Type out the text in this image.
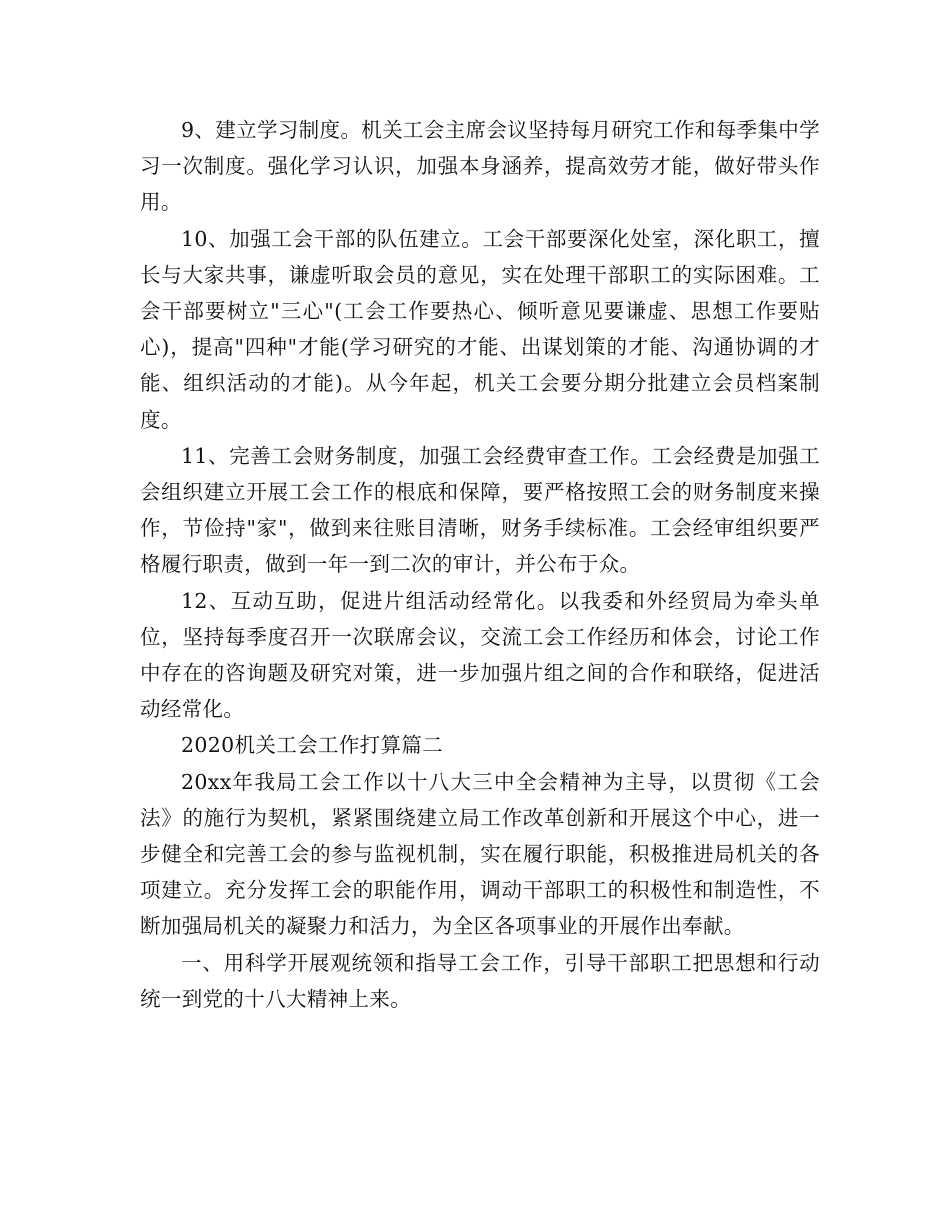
9、建立学习制度。机关工会主席会议坚持每月研究工作和每季集中学习一次制度。强化学习认识，加强本身涵养，提高效劳才能，做好带头作用。

10、加强工会干部的队伍建立。工会干部要深化处室，深化职工，擅长与大家共事，谦虚听取会员的意见，实在处理干部职工的实际困难。工会干部要树立"三心"(工会工作要热心、倾听意见要谦虚、思想工作要贴心)，提高"四种"才能(学习研究的才能、出谋划策的才能、沟通协调的才能、组织活动的才能)。从今年起，机关工会要分期分批建立会员档案制度。

11、完善工会财务制度，加强工会经费审查工作。工会经费是加强工会组织建立开展工会工作的根底和保障，要严格按照工会的财务制度来操作，节俭持"家"，做到来往账目清晰，财务手续标准。工会经审组织要严格履行职责，做到一年一到二次的审计，并公布于众。

12、互动互助，促进片组活动经常化。以我委和外经贸局为牵头单位，坚持每季度召开一次联席会议，交流工会工作经历和体会，讨论工作中存在的咨询题及研究对策，进一步加强片组之间的合作和联络，促进活动经常化。

2020机关工会工作打算篇二

20xx年我局工会工作以十八大三中全会精神为主导，以贯彻《工会法》的施行为契机，紧紧围绕建立局工作改革创新和开展这个中心，进一步健全和完善工会的参与监视机制，实在履行职能，积极推进局机关的各项建立。充分发挥工会的职能作用，调动干部职工的积极性和制造性，不断加强局机关的凝聚力和活力，为全区各项事业的开展作出奉献。

一、用科学开展观统领和指导工会工作，引导干部职工把思想和行动统一到党的十八大精神上来。
